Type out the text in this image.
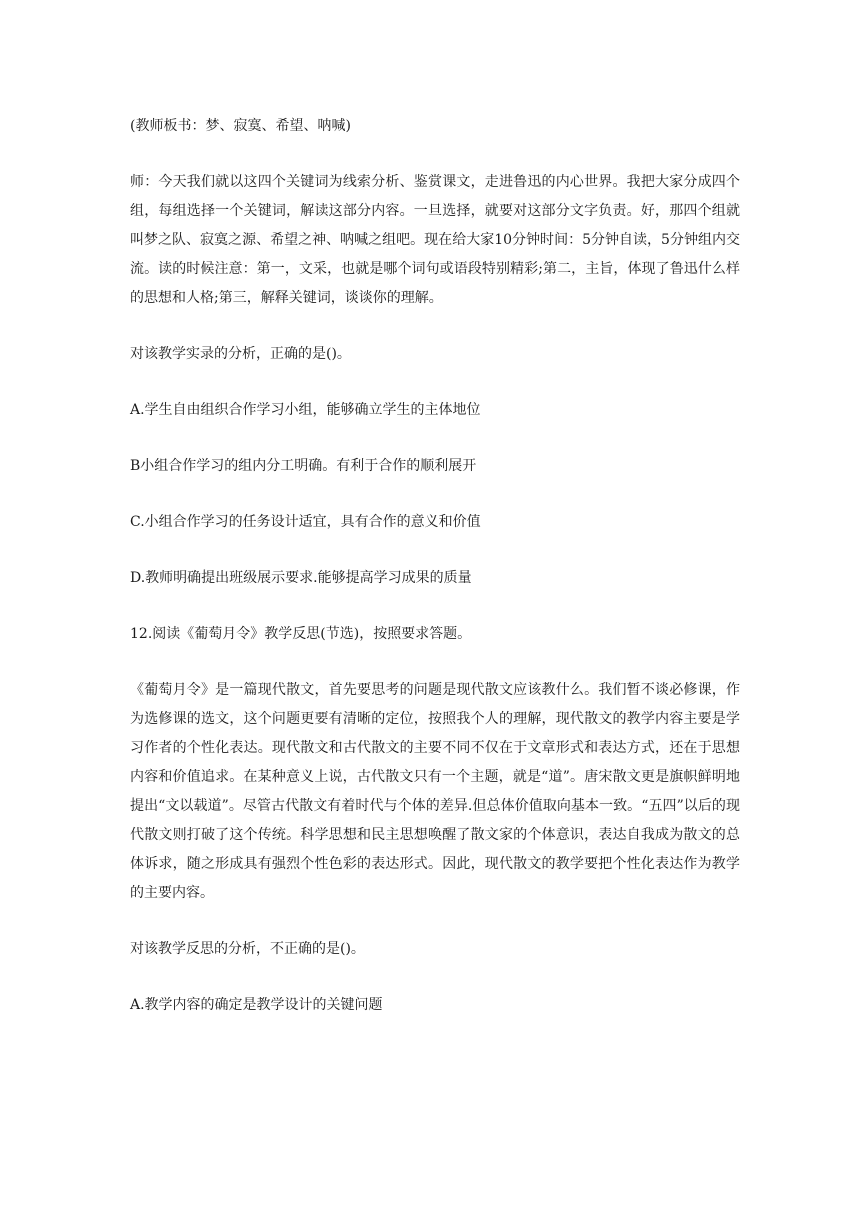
(教师板书：梦、寂寞、希望、呐喊)

师：今天我们就以这四个关键词为线索分析、鉴赏课文，走进鲁迅的内心世界。我把大家分成四个组，每组选择一个关键词，解读这部分内容。一旦选择，就要对这部分文字负责。好，那四个组就叫梦之队、寂寞之源、希望之神、呐喊之组吧。现在给大家10分钟时间：5分钟自读，5分钟组内交流。读的时候注意：第一，文采，也就是哪个词句或语段特别精彩;第二，主旨，体现了鲁迅什么样的思想和人格;第三，解释关键词，谈谈你的理解。

对该教学实录的分析，正确的是()。

A.学生自由组织合作学习小组，能够确立学生的主体地位

B小组合作学习的组内分工明确。有利于合作的顺利展开

C.小组合作学习的任务设计适宜，具有合作的意义和价值

D.教师明确提出班级展示要求.能够提高学习成果的质量

12.阅读《葡萄月令》教学反思(节选)，按照要求答题。

《葡萄月令》是一篇现代散文，首先要思考的问题是现代散文应该教什么。我们暂不谈必修课，作为选修课的选文，这个问题更要有清晰的定位，按照我个人的理解，现代散文的教学内容主要是学习作者的个性化表达。现代散文和古代散文的主要不同不仅在于文章形式和表达方式，还在于思想内容和价值追求。在某种意义上说，古代散文只有一个主题，就是“道”。唐宋散文更是旗帜鲜明地提出“文以载道”。尽管古代散文有着时代与个体的差异.但总体价值取向基本一致。“五四”以后的现代散文则打破了这个传统。科学思想和民主思想唤醒了散文家的个体意识，表达自我成为散文的总体诉求，随之形成具有强烈个性色彩的表达形式。因此，现代散文的教学要把个性化表达作为教学的主要内容。

对该教学反思的分析，不正确的是()。

A.教学内容的确定是教学设计的关键问题
